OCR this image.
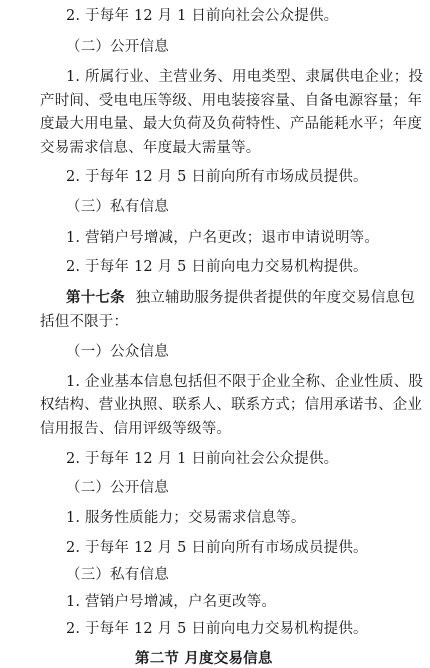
2. 于每年 12 月 1 日前向社会公众提供。
（二）公开信息
1. 所属行业、主营业务、用电类型、隶属供电企业；投
产时间、受电电压等级、用电装接容量、自备电源容量；年
度最大用电量、最大负荷及负荷特性、产品能耗水平；年度
交易需求信息、年度最大需量等。
2. 于每年 12 月 5 日前向所有市场成员提供。
（三）私有信息
1. 营销户号增减，户名更改；退市申请说明等。
2. 于每年 12 月 5 日前向电力交易机构提供。
第十七条 独立辅助服务提供者提供的年度交易信息包
括但不限于：
（一）公众信息
1. 企业基本信息包括但不限于企业全称、企业性质、股
权结构、营业执照、联系人、联系方式；信用承诺书、企业
信用报告、信用评级等级等。
2. 于每年 12 月 1 日前向社会公众提供。
（二）公开信息
1. 服务性质能力；交易需求信息等。
2. 于每年 12 月 5 日前向所有市场成员提供。
（三）私有信息
1. 营销户号增减，户名更改等。
2. 于每年 12 月 5 日前向电力交易机构提供。
第二节 月度交易信息
